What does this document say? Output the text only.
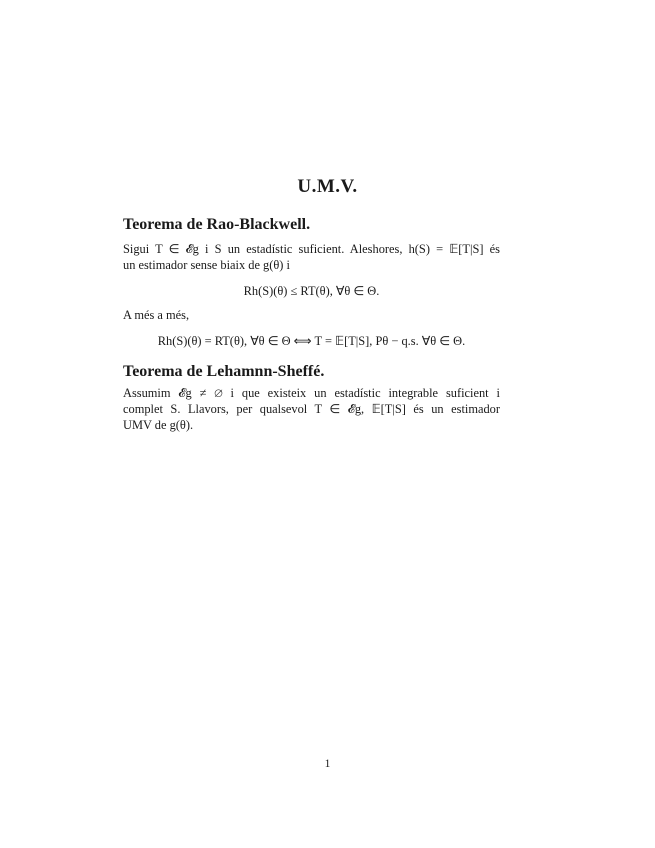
U.M.V.
Teorema de Rao-Blackwell.
Sigui T ∈ 𝓔g i S un estadístic suficient. Aleshores, h(S) = 𝔼[T|S] és
un estimador sense biaix de g(θ) i
Rh(S)(θ) ≤ RT(θ), ∀θ ∈ Θ.
A més a més,
Rh(S)(θ) = RT(θ), ∀θ ∈ Θ ⟺ T = 𝔼[T|S], Pθ − q.s. ∀θ ∈ Θ.
Teorema de Lehamnn-Sheffé.
Assumim 𝓔g ≠ ∅ i que existeix un estadístic integrable suficient i
complet S. Llavors, per qualsevol T ∈ 𝓔g, 𝔼[T|S] és un estimador
UMV de g(θ).
1
